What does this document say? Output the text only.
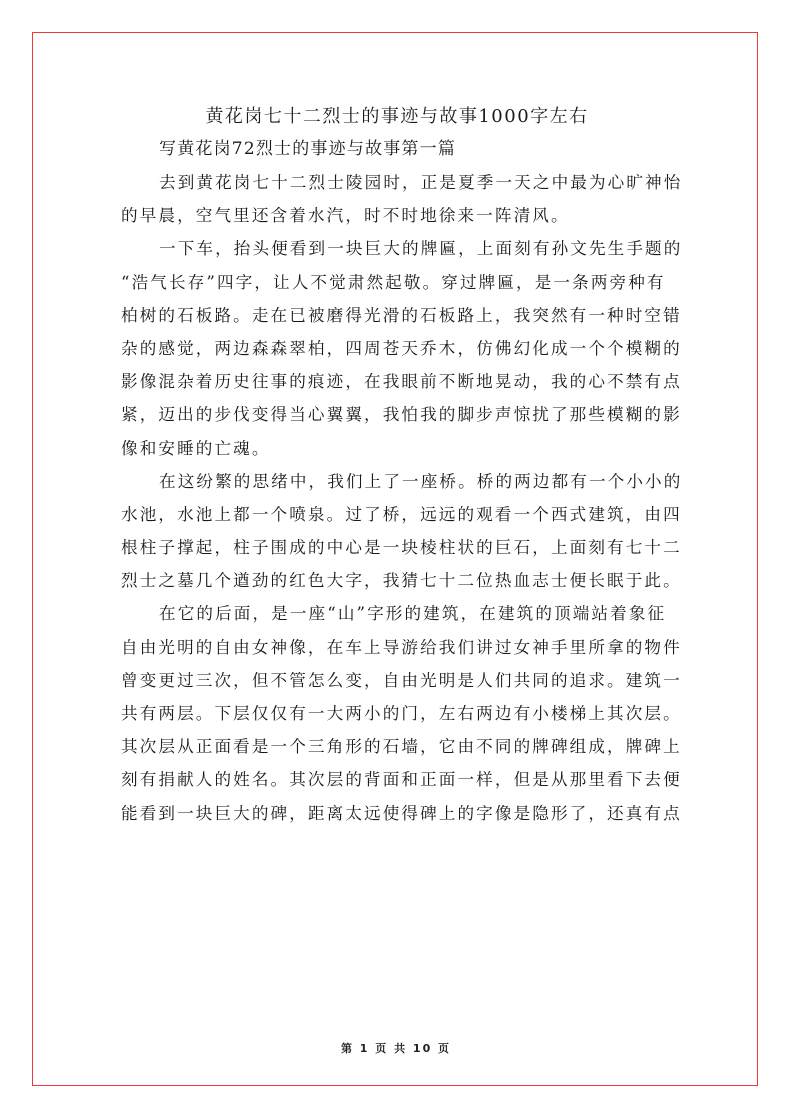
黄花岗七十二烈士的事迹与故事1000字左右
写黄花岗72烈士的事迹与故事第一篇
去到黄花岗七十二烈士陵园时，正是夏季一天之中最为心旷神怡
的早晨，空气里还含着水汽，时不时地徐来一阵清风。
一下车，抬头便看到一块巨大的牌匾，上面刻有孙文先生手题的
“浩气长存”四字，让人不觉肃然起敬。穿过牌匾，是一条两旁种有
柏树的石板路。走在已被磨得光滑的石板路上，我突然有一种时空错
杂的感觉，两边森森翠柏，四周苍天乔木，仿佛幻化成一个个模糊的
影像混杂着历史往事的痕迹，在我眼前不断地晃动，我的心不禁有点
紧，迈出的步伐变得当心翼翼，我怕我的脚步声惊扰了那些模糊的影
像和安睡的亡魂。
在这纷繁的思绪中，我们上了一座桥。桥的两边都有一个小小的
水池，水池上都一个喷泉。过了桥，远远的观看一个西式建筑，由四
根柱子撑起，柱子围成的中心是一块棱柱状的巨石，上面刻有七十二
烈士之墓几个遒劲的红色大字，我猜七十二位热血志士便长眠于此。
在它的后面，是一座“山”字形的建筑，在建筑的顶端站着象征
自由光明的自由女神像，在车上导游给我们讲过女神手里所拿的物件
曾变更过三次，但不管怎么变，自由光明是人们共同的追求。建筑一
共有两层。下层仅仅有一大两小的门，左右两边有小楼梯上其次层。
其次层从正面看是一个三角形的石墙，它由不同的牌碑组成，牌碑上
刻有捐献人的姓名。其次层的背面和正面一样，但是从那里看下去便
能看到一块巨大的碑，距离太远使得碑上的字像是隐形了，还真有点
第 1 页 共 10 页
